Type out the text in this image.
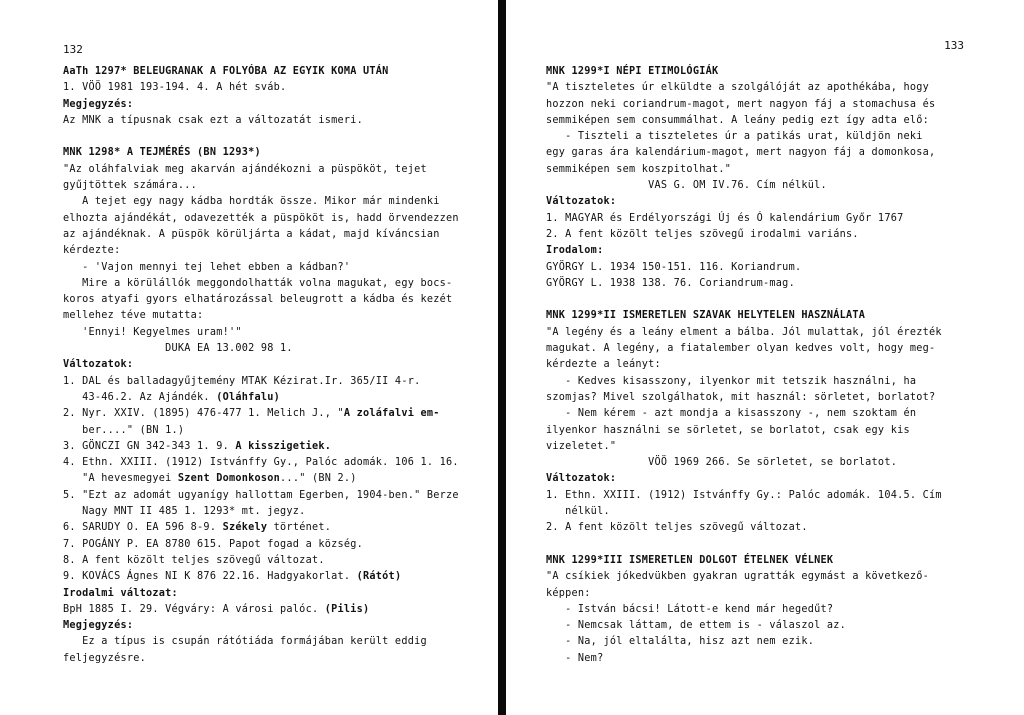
132
AaTh 1297* BELEUGRANAK A FOLYÓBA AZ EGYIK KOMA UTÁN
1. VÖÖ 1981 193-194. 4. A hét sváb.
Megjegyzés:
Az MNK a típusnak csak ezt a változatát ismeri.
MNK 1298* A TEJMÉRÉS (BN 1293*)
"Az oláhfalviak meg akarván ajándékozni a püspököt, tejet
gyűjtöttek számára...
A tejet egy nagy kádba hordták össze. Mikor már mindenki
elhozta ajándékát, odavezették a püspököt is, hadd örvendezzen
az ajándéknak. A püspök körüljárta a kádat, majd kíváncsian
kérdezte:
- 'Vajon mennyi tej lehet ebben a kádban?'
Mire a körülállók meggondolhatták volna magukat, egy bocs-
koros atyafi gyors elhatározással beleugrott a kádba és kezét
mellehez téve mutatta:
'Ennyi! Kegyelmes uram!'"
DUKA EA 13.002 98 1.
Változatok:
1. DAL és balladagyűjtemény MTAK Kézirat.Ir. 365/II 4-r.
43-46.2. Az Ajándék. (Oláhfalu)
2. Nyr. XXIV. (1895) 476-477 1. Melich J., "A zoláfalvi em-
ber...." (BN 1.)
3. GÖNCZI GN 342-343 1. 9. A kisszigetiek.
4. Ethn. XXIII. (1912) Istvánffy Gy., Palóc adomák. 106 1. 16.
"A hevesmegyei Szent Domonkoson..." (BN 2.)
5. "Ezt az adomát ugyanígy hallottam Egerben, 1904-ben." Berze
Nagy MNT II 485 1. 1293* mt. jegyz.
6. SARUDY O. EA 596 8-9. Székely történet.
7. POGÁNY P. EA 8780 615. Papot fogad a község.
8. A fent közölt teljes szövegű változat.
9. KOVÁCS Ágnes NI K 876 22.16. Hadgyakorlat. (Rátót)
Irodalmi változat:
BpH 1885 I. 29. Végváry: A városi palóc. (Pilis)
Megjegyzés:
Ez a típus is csupán rátótiáda formájában került eddig
feljegyzésre.
133
MNK 1299*I NÉPI ETIMOLÓGIÁK
"A tiszteletes úr elküldte a szolgálóját az apothékába, hogy
hozzon neki coriandrum-magot, mert nagyon fáj a stomachusa és
semmiképen sem consummálhat. A leány pedig ezt így adta elő:
- Tiszteli a tiszteletes úr a patikás urat, küldjön neki
egy garas ára kalendárium-magot, mert nagyon fáj a domonkosa,
semmiképen sem koszpitolhat."
VAS G. OM IV.76. Cím nélkül.
Változatok:
1. MAGYAR és Erdélyországi Új és Ó kalendárium Győr 1767
2. A fent közölt teljes szövegű irodalmi variáns.
Irodalom:
GYÖRGY L. 1934 150-151. 116. Koriandrum.
GYÖRGY L. 1938 138. 76. Coriandrum-mag.
MNK 1299*II ISMERETLEN SZAVAK HELYTELEN HASZNÁLATA
"A legény és a leány elment a bálba. Jól mulattak, jól érezték
magukat. A legény, a fiatalember olyan kedves volt, hogy meg-
kérdezte a leányt:
- Kedves kisasszony, ilyenkor mit tetszik használni, ha
szomjas? Mivel szolgálhatok, mit használ: sörletet, borlatot?
- Nem kérem - azt mondja a kisasszony -, nem szoktam én
ilyenkor használni se sörletet, se borlatot, csak egy kis
vizeletet."
VÖÖ 1969 266. Se sörletet, se borlatot.
Változatok:
1. Ethn. XXIII. (1912) Istvánffy Gy.: Palóc adomák. 104.5. Cím
nélkül.
2. A fent közölt teljes szövegű változat.
MNK 1299*III ISMERETLEN DOLGOT ÉTELNEK VÉLNEK
"A csíkiek jókedvükben gyakran ugratták egymást a következő-
képpen:
- István bácsi! Látott-e kend már hegedűt?
- Nemcsak láttam, de ettem is - válaszol az.
- Na, jól eltalálta, hisz azt nem ezik.
- Nem?
